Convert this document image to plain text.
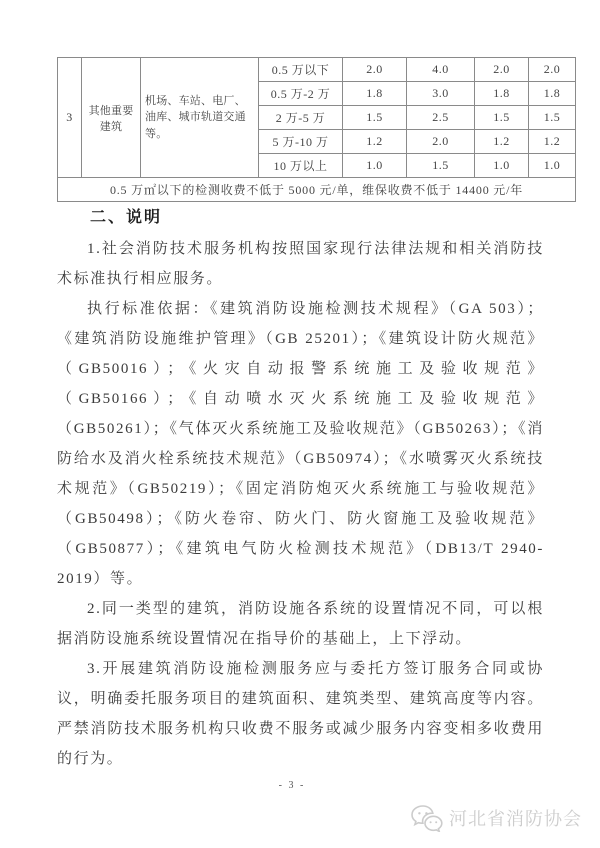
3	其他重要建筑	机场、车站、电厂、油库、城市轨道交通等。	0.5 万以下	2.0	4.0	2.0	2.0
			0.5 万-2 万	1.8	3.0	1.8	1.8
			2 万-5 万	1.5	2.5	1.5	1.5
			5 万-10 万	1.2	2.0	1.2	1.2
			10 万以上	1.0	1.5	1.0	1.0
0.5 万㎡以下的检测收费不低于 5000 元/单，维保收费不低于 14400 元/年							
二、说明

1.社会消防技术服务机构按照国家现行法律法规和相关消防技术标准执行相应服务。

执行标准依据：《建筑消防设施检测技术规程》（GA 503）；《建筑消防设施维护管理》（GB 25201）；《建筑设计防火规范》（GB50016）；《火灾自动报警系统施工及验收规范》（GB50166）；《自动喷水灭火系统施工及验收规范》（GB50261）；《气体灭火系统施工及验收规范》（GB50263）；《消防给水及消火栓系统技术规范》（GB50974）；《水喷雾灭火系统技术规范》（GB50219）；《固定消防炮灭火系统施工与验收规范》（GB50498）；《防火卷帘、防火门、防火窗施工及验收规范》（GB50877）；《建筑电气防火检测技术规范》（DB13/T 2940-2019）等。

2.同一类型的建筑，消防设施各系统的设置情况不同，可以根据消防设施系统设置情况在指导价的基础上，上下浮动。

3.开展建筑消防设施检测服务应与委托方签订服务合同或协议，明确委托服务项目的建筑面积、建筑类型、建筑高度等内容。严禁消防技术服务机构只收费不服务或减少服务内容变相多收费用的行为。

- 3 -
河北省消防协会
